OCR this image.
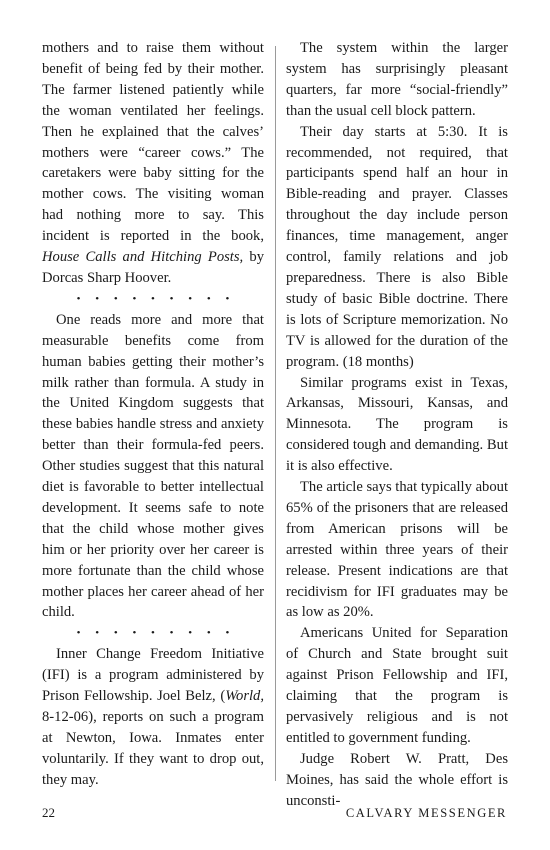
mothers and to raise them without benefit of being fed by their mother. The farmer listened patiently while the woman ventilated her feelings. Then he explained that the calves’ mothers were “career cows.” The caretakers were baby sitting for the mother cows. The visiting woman had nothing more to say. This incident is reported in the book, House Calls and Hitching Posts, by Dorcas Sharp Hoover.

• • • • • • • • •

One reads more and more that measurable benefits come from human babies getting their mother’s milk rather than formula. A study in the United Kingdom suggests that these babies handle stress and anxiety better than their formula-fed peers. Other studies suggest that this natural diet is favorable to better intellectual development. It seems safe to note that the child whose mother gives him or her priority over her career is more fortunate than the child whose mother places her career ahead of her child.

• • • • • • • • •

Inner Change Freedom Initiative (IFI) is a program administered by Prison Fellowship. Joel Belz, (World, 8-12-06), reports on such a program at Newton, Iowa. Inmates enter voluntarily. If they want to drop out, they may.

The system within the larger system has surprisingly pleasant quarters, far more “social-friendly” than the usual cell block pattern.

Their day starts at 5:30. It is recommended, not required, that participants spend half an hour in Bible-reading and prayer. Classes throughout the day include person finances, time management, anger control, family relations and job preparedness. There is also Bible study of basic Bible doctrine. There is lots of Scripture memorization. No TV is allowed for the duration of the program. (18 months)

Similar programs exist in Texas, Arkansas, Missouri, Kansas, and Minnesota. The program is considered tough and demanding. But it is also effective.

The article says that typically about 65% of the prisoners that are released from American prisons will be arrested within three years of their release. Present indications are that recidivism for IFI graduates may be as low as 20%.

Americans United for Separation of Church and State brought suit against Prison Fellowship and IFI, claiming that the program is pervasively religious and is not entitled to government funding.

Judge Robert W. Pratt, Des Moines, has said the whole effort is unconsti-

22	CALVARY MESSENGER
